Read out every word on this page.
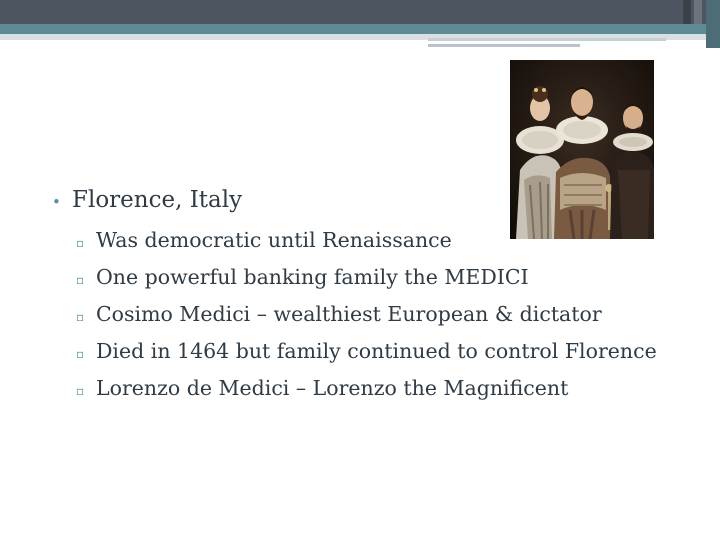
• Florence, Italy
▫ Was democratic until Renaissance
▫ One powerful banking family the MEDICI
▫ Cosimo Medici – wealthiest European & dictator
▫ Died in 1464 but family continued to control Florence
▫ Lorenzo de Medici – Lorenzo the Magnificent
